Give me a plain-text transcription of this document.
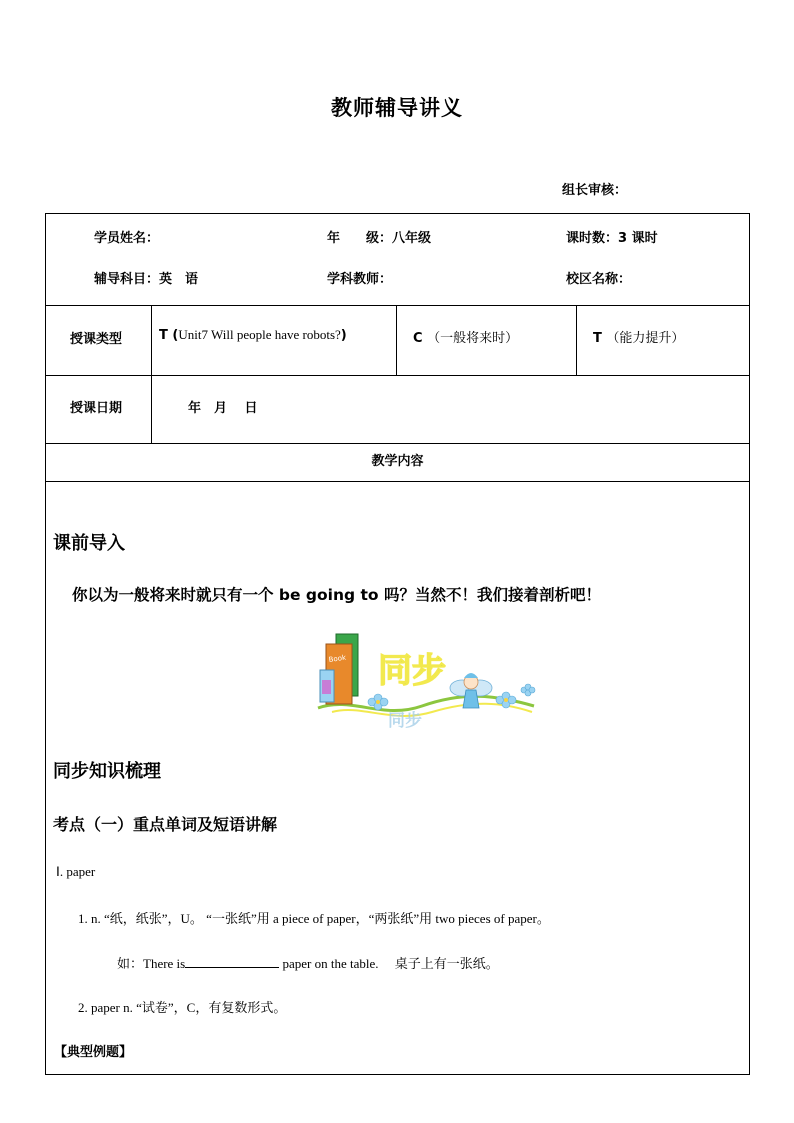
教师辅导讲义
组长审核：
学员姓名：	年　　级：八年级	课时数：3 课时
辅导科目：英　语	学科教师：	校区名称：
授课类型	T (Unit7 Will people have robots?)	C （一般将来时）	T （能力提升）
授课日期	年　月　 日
教学内容
课前导入
你以为一般将来时就只有一个 be going to 吗？当然不！我们接着剖析吧！
Book 同步
同步
同步知识梳理
考点（一）重点单词及短语讲解
Ⅰ. paper
1. n. “纸，纸张”，U。 “一张纸”用 a piece of paper，“两张纸”用 two pieces of paper。
如：There is	paper on the table.　 桌子上有一张纸。
2. paper n. “试卷”，C，有复数形式。
【典型例题】
